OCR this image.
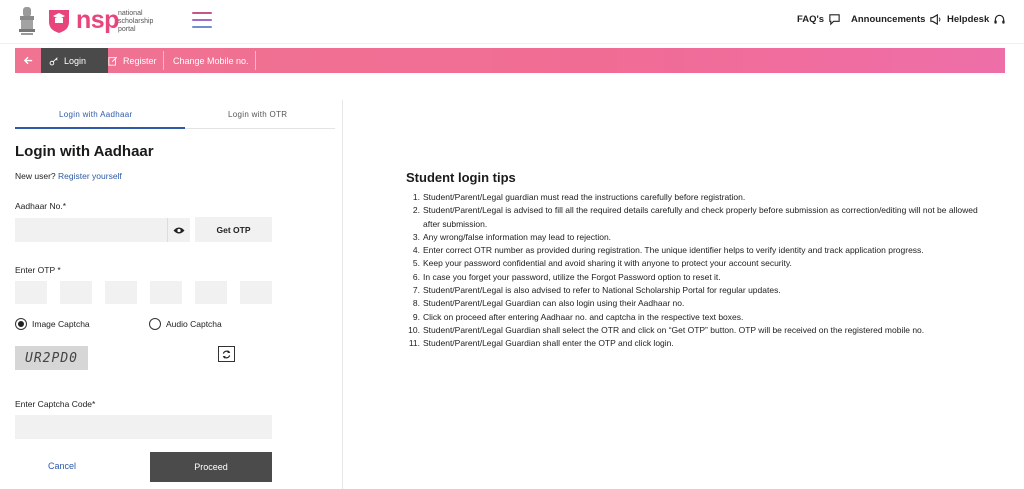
nsp national scholarship portal
FAQ's	Announcements Helpdesk
Login	Register Change Mobile no.
Login with Aadhaar	Login with OTR
Login with Aadhaar
New user? Register yourself
Aadhaar No.*
Get OTP
Enter OTP *
Image Captcha	Audio Captcha
UR2PD0
Enter Captcha Code*
Cancel	Proceed
Student login tips
1. Student/Parent/Legal guardian must read the instructions carefully before registration.
2. Student/Parent/Legal is advised to fill all the required details carefully and check properly before submission as correction/editing will not be allowed after submission.
3. Any wrong/false information may lead to rejection.
4. Enter correct OTR number as provided during registration. The unique identifier helps to verify identity and track application progress.
5. Keep your password confidential and avoid sharing it with anyone to protect your account security.
6. In case you forget your password, utilize the Forgot Password option to reset it.
7. Student/Parent/Legal is also advised to refer to National Scholarship Portal for regular updates.
8. Student/Parent/Legal Guardian can also login using their Aadhaar no.
9. Click on proceed after entering Aadhaar no. and captcha in the respective text boxes.
10. Student/Parent/Legal Guardian shall select the OTR and click on “Get OTP” button. OTP will be received on the registered mobile no.
11. Student/Parent/Legal Guardian shall enter the OTP and click login.
